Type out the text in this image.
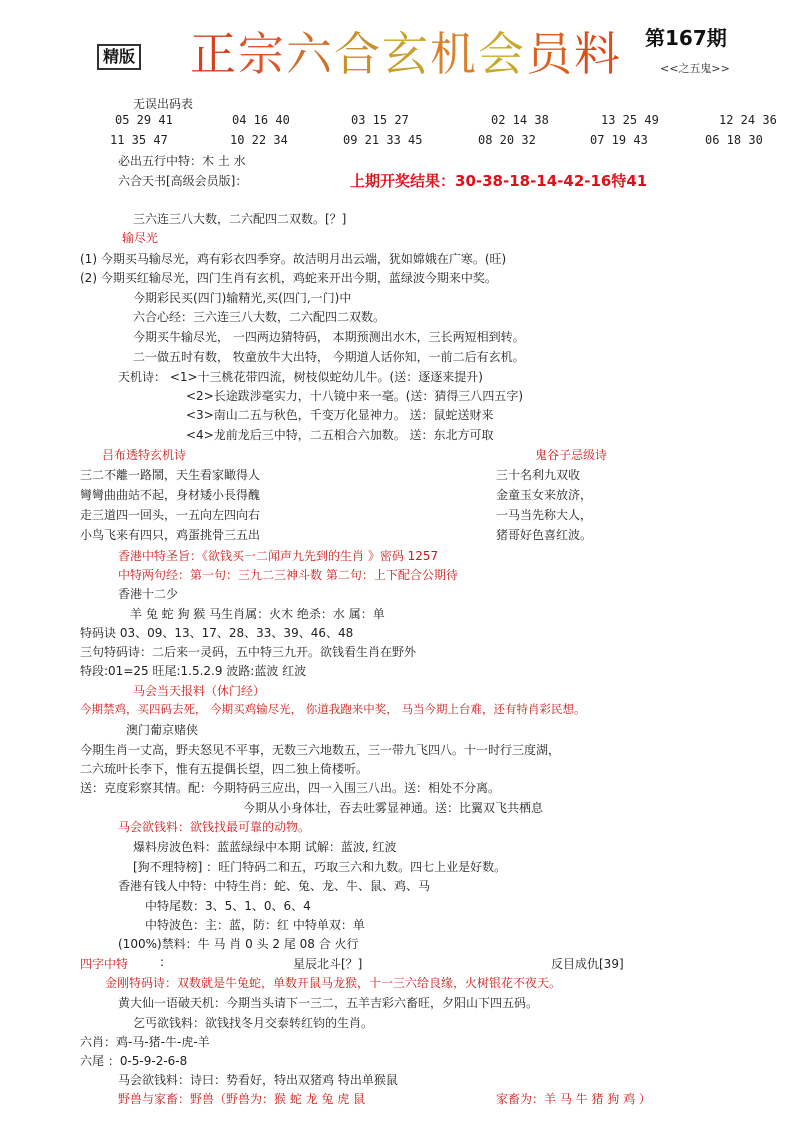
精版 正宗六合玄机会员料 第167期
<<之五鬼>>
无误出码表
05 29 41	04 16 40	03 15 27	02 14 38	13 25 49	12 24 36
11 35 47	10 22 34	09 21 33 45	08 20 32	07 19 43	06 18 30
必出五行中特：木 土 水
六合天书[高级会员版]：	上期开奖结果：30-38-18-14-42-16特41
三六连三八大数，二六配四二双数。[？]
输尽光
(1) 今期买马输尽光，鸡有彩衣四季穿。故洁明月出云端，犹如嫦娥在广寒。(旺)
(2) 今期买红输尽光，四门生肖有玄机，鸡蛇来开出今期，蓝绿波今期来中奖。
今期彩民买(四门)输精光,买(四门,一门)中
六合心经：三六连三八大数，二六配四二双数。
今期买牛输尽光， 一四两边猜特码， 本期预测出水木，三长两短相到转。
二一做五时有数， 牧童放牛大出特， 今期道人话你知，一前二后有玄机。
天机诗： <1>十三桃花带四流，树枝似蛇幼儿牛。(送：逐逐来提升)
<2>长途跋涉毫实力，十八镜中来一毫。(送：猜得三八四五字)
<3>南山二五与秋色，千变万化显神力。 送：鼠蛇送财来
<4>龙前龙后三中特，二五相合六加数。 送：东北方可取
吕布透特玄机诗	鬼谷子忌级诗
三二不離一路鬧，天生看家瞰得人	三十名利九双收
彎彎曲曲站不起，身材矮小長得醜	金童玉女来放济，
走三道四一回头，一五向左四向右	一马当先称大人，
小鸟飞来有四只，鸡蛋挑骨三五出	猪哥好色喜红波。
香港中特圣旨：《欲钱买一二闻声九先到的生肖 》密码 1257
中特两句经：第一句：三九二三神斗数 第二句：上下配合公期待
香港十二少
羊 兔 蛇 狗 猴 马生肖属：火木 绝杀：水 属：单
特码诀 03、09、13、17、28、33、39、46、48
三句特码诗：二后来一灵码，五中特三九开。欲钱看生肖在野外
特段:01=25 旺尾:1.5.2.9 波路:蓝波 红波
马会当天报料（休门经）
今期禁鸡，买四码去死， 今期买鸡输尽光， 你道我跑来中奖， 马当今期上台难，还有特肖彩民想。
澳门葡京赌侠
今期生肖一丈高，野夫怒见不平事，无数三六地数五，三一带九飞四八。十一时行三度湖，
二六琉叶长李下，惟有五提偶长望，四二独上倚楼听。
送：克度彩察其情。配：今期特码三应出，四一入围三八出。送：相处不分离。
今期从小身体壮，吞去吐雾显神通。送：比翼双飞共栖息
马会欲钱料：欲钱找最可靠的动物。
爆料房波色料：蓝蓝绿绿中本期 试解：蓝波, 红波
[狗不理特榜] ：旺门特码二和五，巧取三六和九数。四七上业是好数。
香港有钱人中特：中特生肖：蛇、兔、龙、牛、鼠、鸡、马
中特尾数：3、5、1、0、6、4
中特波色：主：蓝，防：红 中特单双：单
(100%)禁料：牛 马 肖 0 头 2 尾 08 合 火行
四字中特	:	星辰北斗[？]	反目成仇[39]
金刚特码诗：双数就是牛兔蛇，单数开鼠马龙猴，十一三六给良缘，火树银花不夜天。
黄大仙一语破天机：今期当头请下一三二，五羊吉彩六畜旺，夕阳山下四五码。
乞丐欲钱料：欲钱找冬月交泰转红钧的生肖。
六肖：鸡-马-猪-牛-虎-羊
六尾 ：0-5-9-2-6-8
马会欲钱料：诗曰：势看好，特出双猪鸡 特出单猴鼠
野兽与家畜：野兽（野兽为：猴 蛇 龙 兔 虎 鼠	家畜为：羊 马 牛 猪 狗 鸡 ）
